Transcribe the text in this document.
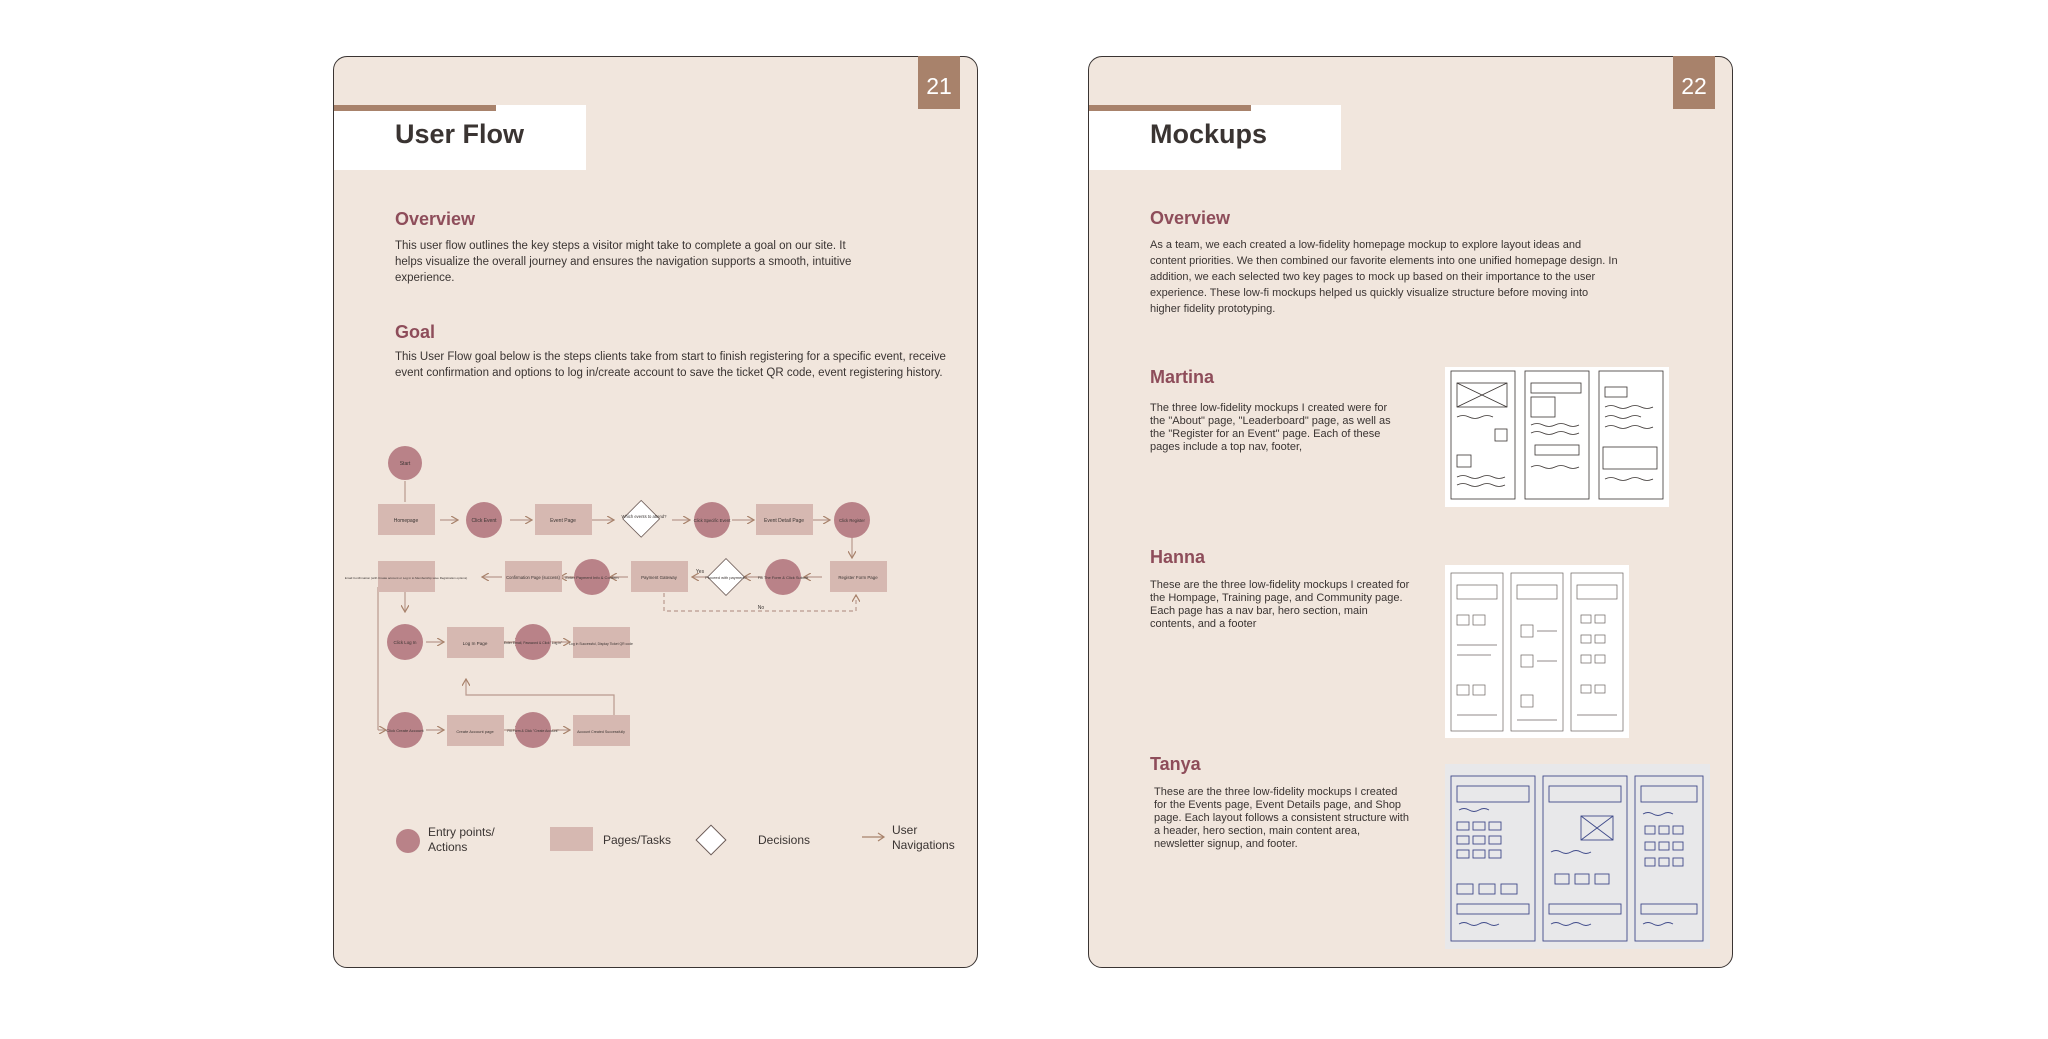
21
User Flow
Overview
This user flow outlines the key steps a visitor might take to complete a goal on our site. It helps visualize the overall journey and ensures the navigation supports a smooth, intuitive experience.
Goal
This User Flow goal below is the steps clients take from start to finish registering for a specific event, receive event confirmation and options to log in/create account to save the ticket QR code, event registering history.
Start
Homepage	Click Event	Event Page
Which events to attend?
Click Specific Event	Event Detail Page	Click Register
Register Form Page
Fill The Form & Click Submit
Proceed with payment?
Yes
No
Payment Gateway
Enter Payment Info & Confirm
Confirmation Page (success)
Email Confirmation (with Create account or Log in to Membership save Registration options)
Click Log In	Log In Page	Enter Email, Password & Click "Log in" Log in Successful, Display Ticket QR code
Click Create Account	Create Account page	Fill Form & Click "Create Account"	Account Created Successfully
Entry points/
Actions	Pages/Tasks	Decisions
User
Navigations
22
Mockups
Overview
As a team, we each created a low-fidelity homepage mockup to explore layout ideas and content priorities. We then combined our favorite elements into one unified homepage design. In addition, we each selected two key pages to mock up based on their importance to the user experience. These low-fi mockups helped us quickly visualize structure before moving into higher fidelity prototyping.
Martina
The three low-fidelity mockups I created were for the "About" page, "Leaderboard" page, as well as the "Register for an Event" page. Each of these pages include a top nav, footer,
Hanna
These are the three low-fidelity mockups I created for the Hompage, Training page, and Community page. Each page has a nav bar, hero section, main contents, and a footer
Tanya
These are the three low-fidelity mockups I created for the Events page, Event Details page, and Shop page. Each layout follows a consistent structure with a header, hero section, main content area, newsletter signup, and footer.
